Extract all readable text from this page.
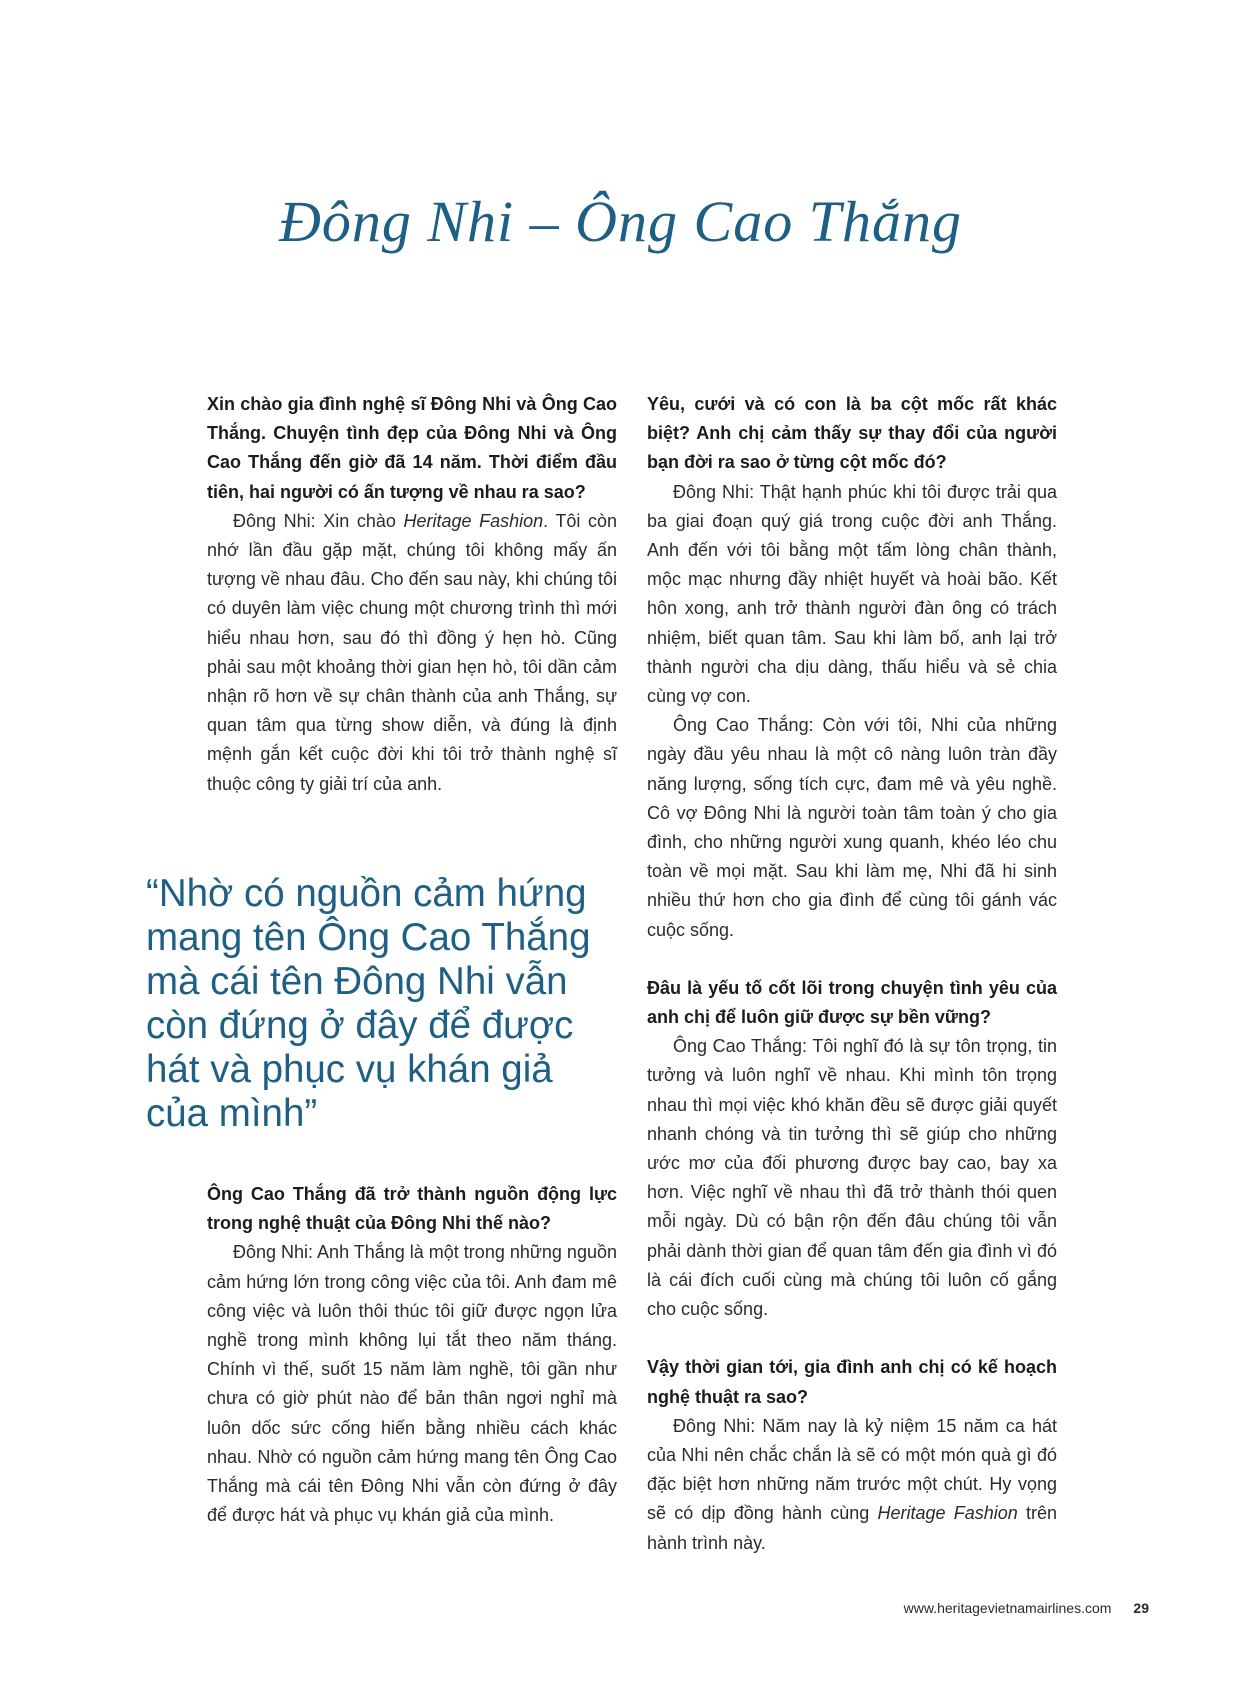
Đông Nhi – Ông Cao Thắng

Xin chào gia đình nghệ sĩ Đông Nhi và Ông Cao Thắng. Chuyện tình đẹp của Đông Nhi và Ông Cao Thắng đến giờ đã 14 năm. Thời điểm đầu tiên, hai người có ấn tượng về nhau ra sao?

Đông Nhi: Xin chào Heritage Fashion. Tôi còn nhớ lần đầu gặp mặt, chúng tôi không mấy ấn tượng về nhau đâu. Cho đến sau này, khi chúng tôi có duyên làm việc chung một chương trình thì mới hiểu nhau hơn, sau đó thì đồng ý hẹn hò. Cũng phải sau một khoảng thời gian hẹn hò, tôi dần cảm nhận rõ hơn về sự chân thành của anh Thắng, sự quan tâm qua từng show diễn, và đúng là định mệnh gắn kết cuộc đời khi tôi trở thành nghệ sĩ thuộc công ty giải trí của anh.

“Nhờ có nguồn cảm hứng mang tên Ông Cao Thắng mà cái tên Đông Nhi vẫn còn đứng ở đây để được hát và phục vụ khán giả của mình”

Ông Cao Thắng đã trở thành nguồn động lực trong nghệ thuật của Đông Nhi thế nào?

Đông Nhi: Anh Thắng là một trong những nguồn cảm hứng lớn trong công việc của tôi. Anh đam mê công việc và luôn thôi thúc tôi giữ được ngọn lửa nghề trong mình không lụi tắt theo năm tháng. Chính vì thế, suốt 15 năm làm nghề, tôi gần như chưa có giờ phút nào để bản thân ngơi nghỉ mà luôn dốc sức cống hiến bằng nhiều cách khác nhau. Nhờ có nguồn cảm hứng mang tên Ông Cao Thắng mà cái tên Đông Nhi vẫn còn đứng ở đây để được hát và phục vụ khán giả của mình.

Yêu, cưới và có con là ba cột mốc rất khác biệt? Anh chị cảm thấy sự thay đổi của người bạn đời ra sao ở từng cột mốc đó?

Đông Nhi: Thật hạnh phúc khi tôi được trải qua ba giai đoạn quý giá trong cuộc đời anh Thắng. Anh đến với tôi bằng một tấm lòng chân thành, mộc mạc nhưng đầy nhiệt huyết và hoài bão. Kết hôn xong, anh trở thành người đàn ông có trách nhiệm, biết quan tâm. Sau khi làm bố, anh lại trở thành người cha dịu dàng, thấu hiểu và sẻ chia cùng vợ con.

Ông Cao Thắng: Còn với tôi, Nhi của những ngày đầu yêu nhau là một cô nàng luôn tràn đầy năng lượng, sống tích cực, đam mê và yêu nghề. Cô vợ Đông Nhi là người toàn tâm toàn ý cho gia đình, cho những người xung quanh, khéo léo chu toàn về mọi mặt. Sau khi làm mẹ, Nhi đã hi sinh nhiều thứ hơn cho gia đình để cùng tôi gánh vác cuộc sống.

Đâu là yếu tố cốt lõi trong chuyện tình yêu của anh chị để luôn giữ được sự bền vững?

Ông Cao Thắng: Tôi nghĩ đó là sự tôn trọng, tin tưởng và luôn nghĩ về nhau. Khi mình tôn trọng nhau thì mọi việc khó khăn đều sẽ được giải quyết nhanh chóng và tin tưởng thì sẽ giúp cho những ước mơ của đối phương được bay cao, bay xa hơn. Việc nghĩ về nhau thì đã trở thành thói quen mỗi ngày. Dù có bận rộn đến đâu chúng tôi vẫn phải dành thời gian để quan tâm đến gia đình vì đó là cái đích cuối cùng mà chúng tôi luôn cố gắng cho cuộc sống.

Vậy thời gian tới, gia đình anh chị có kế hoạch nghệ thuật ra sao?

Đông Nhi: Năm nay là kỷ niệm 15 năm ca hát của Nhi nên chắc chắn là sẽ có một món quà gì đó đặc biệt hơn những năm trước một chút. Hy vọng sẽ có dịp đồng hành cùng Heritage Fashion trên hành trình này.

www.heritagevietnamairlines.com 29
